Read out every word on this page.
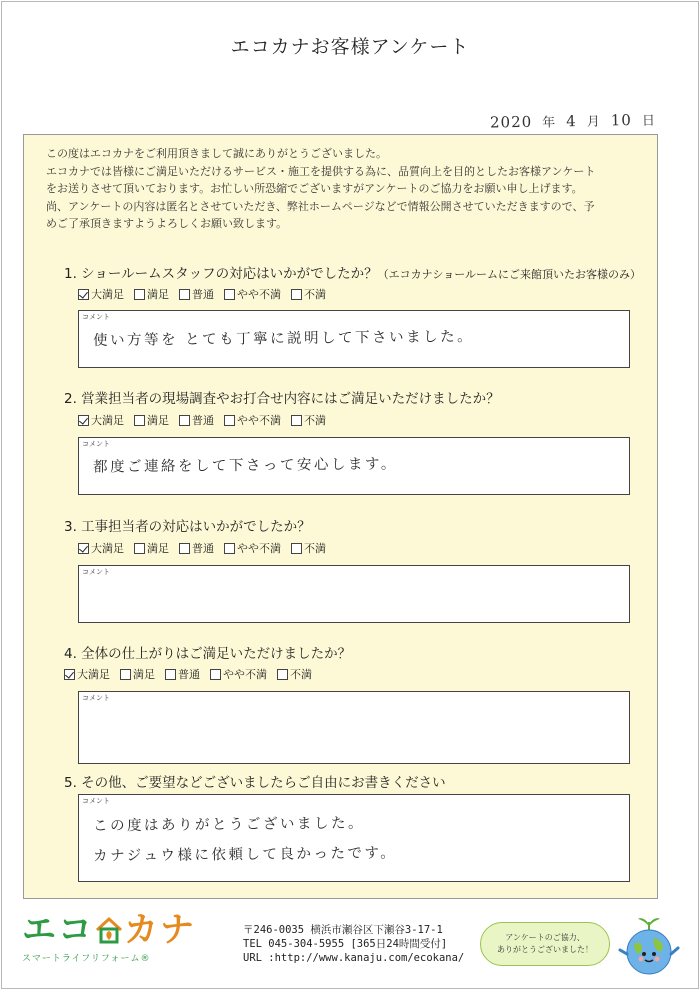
エコカナお客様アンケート
2020 年 4 月 10 日

この度はエコカナをご利用頂きまして誠にありがとうございました。

エコカナでは皆様にご満足いただけるサービス・施工を提供する為に、品質向上を目的としたお客様アンケート

をお送りさせて頂いております。お忙しい所恐縮でございますがアンケートのご協力をお願い申し上げます。

尚、アンケートの内容は匿名とさせていただき、弊社ホームページなどで情報公開させていただきますので、予

めご了承頂きますようよろしくお願い致します。

1. ショールームスタッフの対応はいかがでしたか？（エコカナショールームにご来館頂いたお客様のみ）
大満足 満足 普通 やや不満 不満
コメント
使い方等を とても丁寧に説明して下さいました。
2. 営業担当者の現場調査やお打合せ内容にはご満足いただけましたか？
大満足 満足 普通 やや不満 不満
コメント
都度ご連絡をして下さって安心します。
3. 工事担当者の対応はいかがでしたか？
大満足 満足 普通 やや不満 不満
コメント
4. 全体の仕上がりはご満足いただけましたか？
大満足 満足 普通 やや不満 不満
コメント
5. その他、ご要望などございましたらご自由にお書きください
コメント
この度はありがとうございました。
カナジュウ様に依頼して良かったです。
エコ カナ
スマートライフリフォーム®
〒246-0035 横浜市瀬谷区下瀬谷3-17-1
TEL 045-304-5955 [365日24時間受付]
URL :http://www.kanaju.com/ecokana/
アンケートのご協力、
ありがとうございました！
